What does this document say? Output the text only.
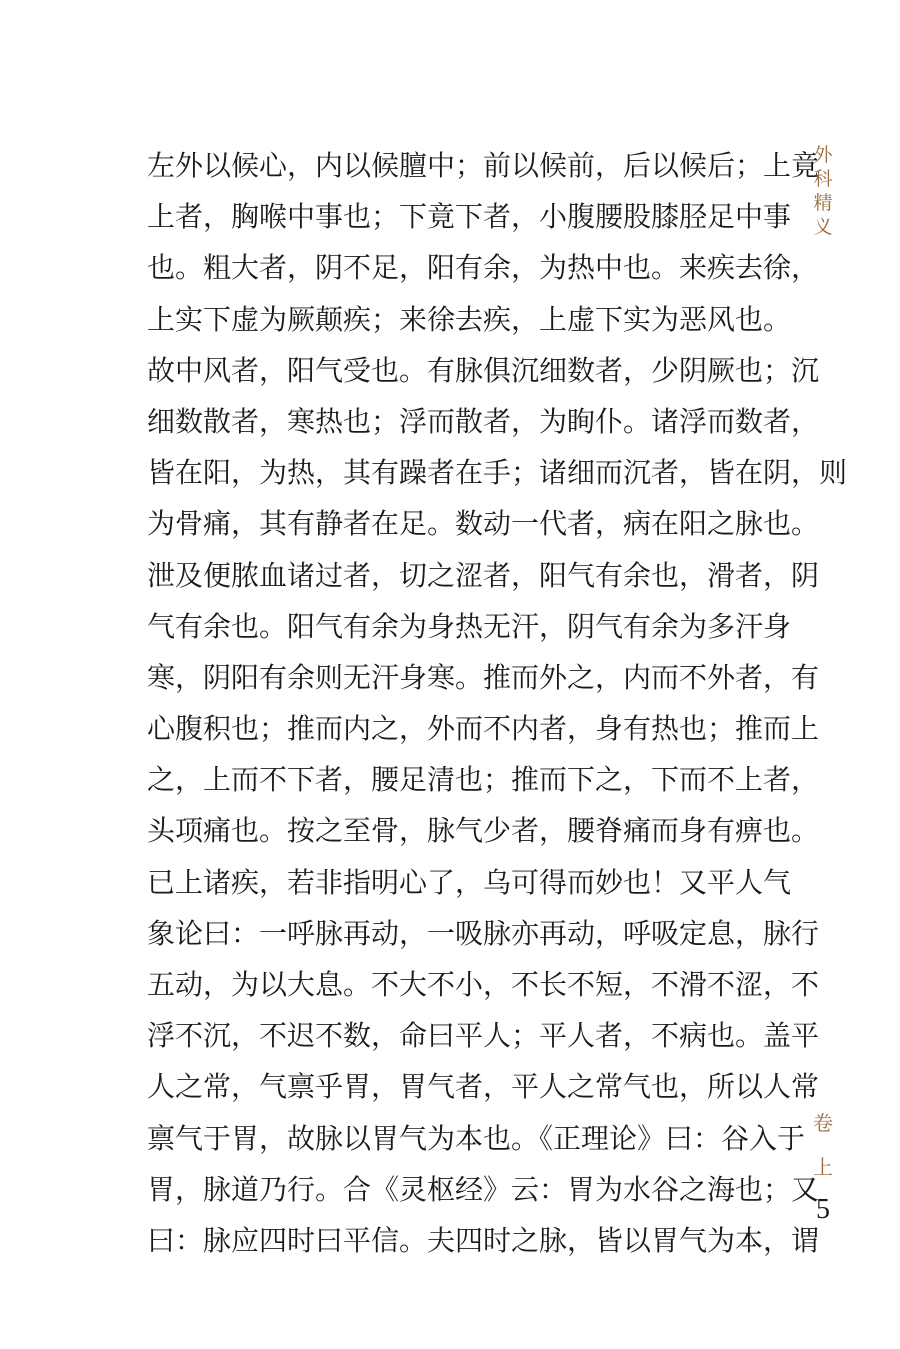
左外以候心，内以候膻中；前以候前，后以候后；上竟
上者，胸喉中事也；下竟下者，小腹腰股膝胫足中事
也。粗大者，阴不足，阳有余，为热中也。来疾去徐，
上实下虚为厥颠疾；来徐去疾，上虚下实为恶风也。
故中风者，阳气受也。有脉俱沉细数者，少阴厥也；沉
细数散者，寒热也；浮而散者，为眴仆。诸浮而数者，
皆在阳，为热，其有躁者在手；诸细而沉者，皆在阴，则
为骨痛，其有静者在足。数动一代者，病在阳之脉也。
泄及便脓血诸过者，切之涩者，阳气有余也，滑者，阴
气有余也。阳气有余为身热无汗，阴气有余为多汗身
寒，阴阳有余则无汗身寒。推而外之，内而不外者，有
心腹积也；推而内之，外而不内者，身有热也；推而上
之，上而不下者，腰足清也；推而下之，下而不上者，
头项痛也。按之至骨，脉气少者，腰脊痛而身有痹也。
已上诸疾，若非指明心了，乌可得而妙也！又平人气
象论曰：一呼脉再动，一吸脉亦再动，呼吸定息，脉行
五动，为以大息。不大不小，不长不短，不滑不涩，不
浮不沉，不迟不数，命曰平人；平人者，不病也。盖平
人之常，气禀乎胃，胃气者，平人之常气也，所以人常
禀气于胃，故脉以胃气为本也。《正理论》曰：谷入于
胃，脉道乃行。合《灵枢经》云：胃为水谷之海也；又
曰：脉应四时曰平信。夫四时之脉，皆以胃气为本，谓
外
科
精
义
卷
上
5
